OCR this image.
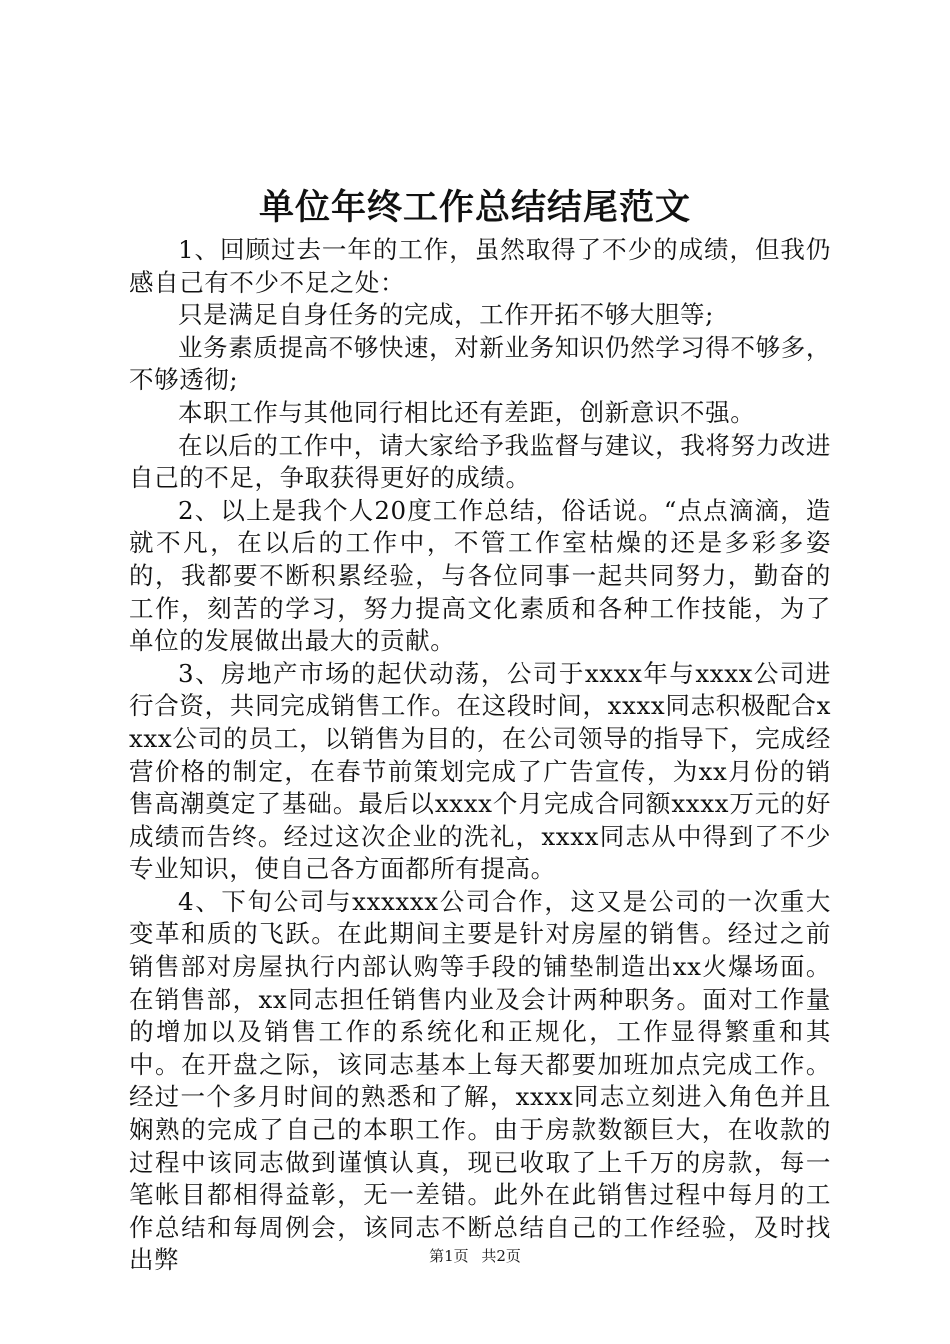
单位年终工作总结结尾范文

1、回顾过去一年的工作，虽然取得了不少的成绩，但我仍感自己有不少不足之处：

只是满足自身任务的完成，工作开拓不够大胆等;

业务素质提高不够快速，对新业务知识仍然学习得不够多，不够透彻;

本职工作与其他同行相比还有差距，创新意识不强。

在以后的工作中，请大家给予我监督与建议，我将努力改进自己的不足，争取获得更好的成绩。

2、以上是我个人20度工作总结，俗话说。“点点滴滴，造就不凡，在以后的工作中，不管工作室枯燥的还是多彩多姿的，我都要不断积累经验，与各位同事一起共同努力，勤奋的工作，刻苦的学习，努力提高文化素质和各种工作技能，为了单位的发展做出最大的贡献。

3、房地产市场的起伏动荡，公司于xxxx年与xxxx公司进行合资，共同完成销售工作。在这段时间，xxxx同志积极配合xxxx公司的员工，以销售为目的，在公司领导的指导下，完成经营价格的制定，在春节前策划完成了广告宣传，为xx月份的销售高潮奠定了基础。最后以xxxx个月完成合同额xxxx万元的好成绩而告终。经过这次企业的洗礼，xxxx同志从中得到了不少专业知识，使自己各方面都所有提高。

4、下旬公司与xxxxxx公司合作，这又是公司的一次重大变革和质的飞跃。在此期间主要是针对房屋的销售。经过之前销售部对房屋执行内部认购等手段的铺垫制造出xx火爆场面。在销售部，xx同志担任销售内业及会计两种职务。面对工作量的增加以及销售工作的系统化和正规化，工作显得繁重和其中。在开盘之际，该同志基本上每天都要加班加点完成工作。经过一个多月时间的熟悉和了解，xxxx同志立刻进入角色并且娴熟的完成了自己的本职工作。由于房款数额巨大，在收款的过程中该同志做到谨慎认真，现已收取了上千万的房款，每一笔帐目都相得益彰，无一差错。此外在此销售过程中每月的工作总结和每周例会，该同志不断总结自己的工作经验，及时找出弊	第1页 共2页
